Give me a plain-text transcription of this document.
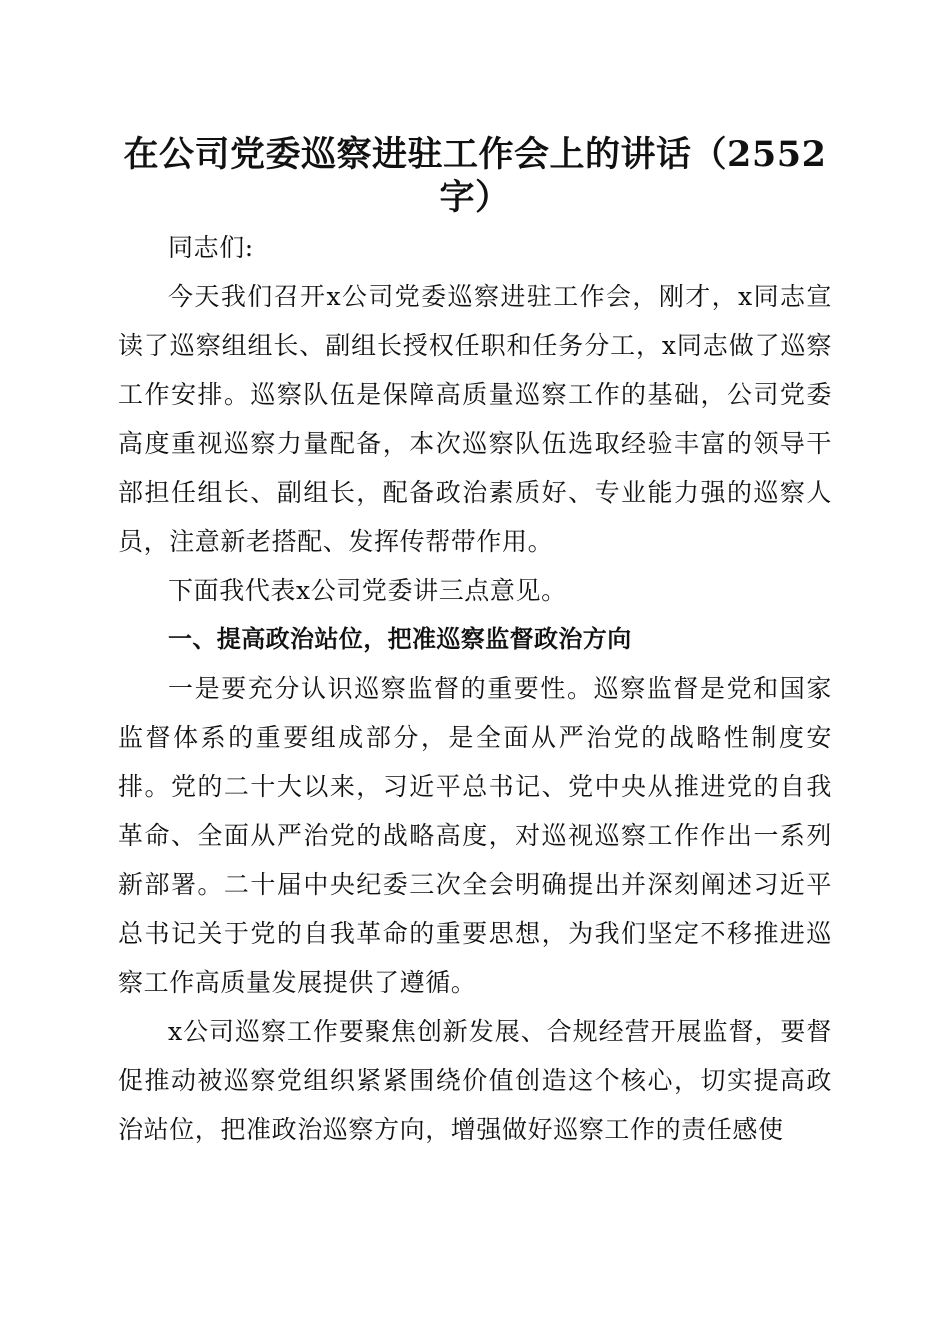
在公司党委巡察进驻工作会上的讲话（2552字）

同志们:

今天我们召开x公司党委巡察进驻工作会，刚才，x同志宣读了巡察组组长、副组长授权任职和任务分工，x同志做了巡察工作安排。巡察队伍是保障高质量巡察工作的基础，公司党委高度重视巡察力量配备，本次巡察队伍选取经验丰富的领导干部担任组长、副组长，配备政治素质好、专业能力强的巡察人员，注意新老搭配、发挥传帮带作用。

下面我代表x公司党委讲三点意见。

一、提高政治站位，把准巡察监督政治方向

一是要充分认识巡察监督的重要性。巡察监督是党和国家监督体系的重要组成部分，是全面从严治党的战略性制度安排。党的二十大以来，习近平总书记、党中央从推进党的自我革命、全面从严治党的战略高度，对巡视巡察工作作出一系列新部署。二十届中央纪委三次全会明确提出并深刻阐述习近平总书记关于党的自我革命的重要思想，为我们坚定不移推进巡察工作高质量发展提供了遵循。

x公司巡察工作要聚焦创新发展、合规经营开展监督，要督促推动被巡察党组织紧紧围绕价值创造这个核心，切实提高政治站位，把准政治巡察方向，增强做好巡察工作的责任感使
